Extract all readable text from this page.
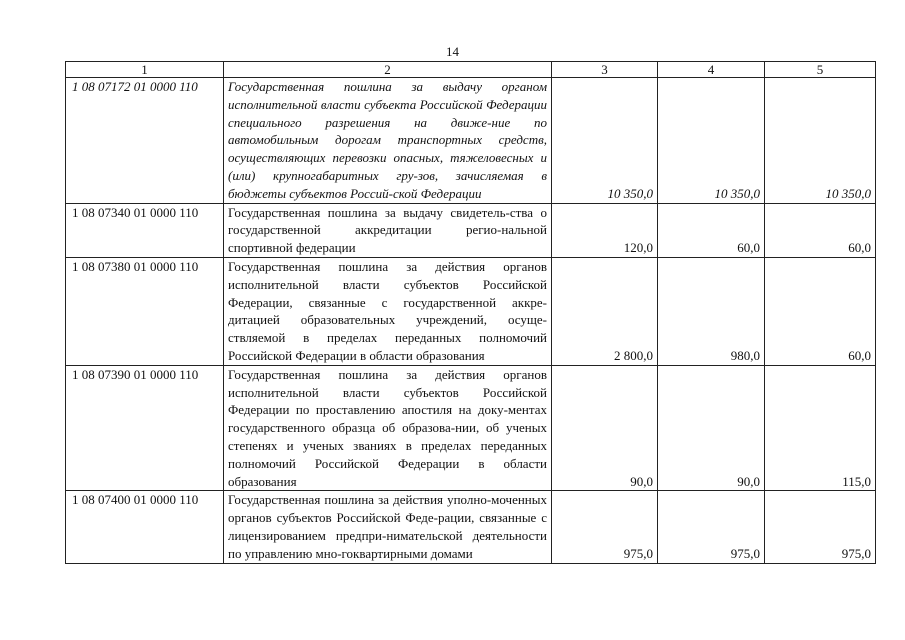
14
1	2	3	4	5
1 08 07172 01 0000 110	Государственная пошлина за выдачу органом исполнительной власти субъекта Российской Федерации специального разрешения на движе-ние по автомобильным дорогам транспортных средств, осуществляющих перевозки опасных, тяжеловесных и (или) крупногабаритных гру-зов, зачисляемая в бюджеты субъектов Россий-ской Федерации	10 350,0	10 350,0	10 350,0
1 08 07340 01 0000 110	Государственная пошлина за выдачу свидетель-ства о государственной аккредитации регио-нальной спортивной федерации	120,0	60,0	60,0
1 08 07380 01 0000 110	Государственная пошлина за действия органов исполнительной власти субъектов Российской Федерации, связанные с государственной аккре-дитацией образовательных учреждений, осуще-ствляемой в пределах переданных полномочий Российской Федерации в области образования	2 800,0	980,0	60,0
1 08 07390 01 0000 110	Государственная пошлина за действия органов исполнительной власти субъектов Российской Федерации по проставлению апостиля на доку-ментах государственного образца об образова-нии, об ученых степенях и ученых званиях в пределах переданных полномочий Российской Федерации в области образования	90,0	90,0	115,0
1 08 07400 01 0000 110	Государственная пошлина за действия уполно-моченных органов субъектов Российской Феде-рации, связанные с лицензированием предпри-нимательской деятельности по управлению мно-гоквартирными домами	975,0	975,0	975,0
